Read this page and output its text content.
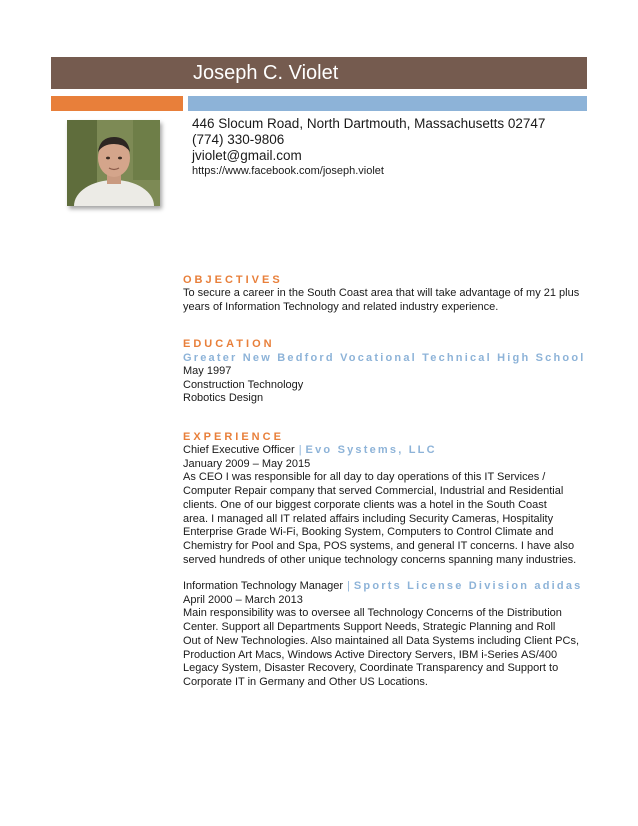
Joseph C. Violet
446 Slocum Road, North Dartmouth, Massachusetts 02747
(774) 330-9806
jviolet@gmail.com
https://www.facebook.com/joseph.violet
OBJECTIVES
To secure a career in the South Coast area that will take advantage of my 21 plus
years of Information Technology and related industry experience.
EDUCATION
Greater New Bedford Vocational Technical High School
May 1997
Construction Technology
Robotics Design
EXPERIENCE
Chief Executive Officer | Evo Systems, LLC
January 2009 – May 2015
As CEO I was responsible for all day to day operations of this IT Services /
Computer Repair company that served Commercial, Industrial and Residential
clients. One of our biggest corporate clients was a hotel in the South Coast
area. I managed all IT related affairs including Security Cameras, Hospitality
Enterprise Grade Wi-Fi, Booking System, Computers to Control Climate and
Chemistry for Pool and Spa, POS systems, and general IT concerns. I have also
served hundreds of other unique technology concerns spanning many industries.
Information Technology Manager | Sports License Division adidas
April 2000 – March 2013
Main responsibility was to oversee all Technology Concerns of the Distribution
Center. Support all Departments Support Needs, Strategic Planning and Roll
Out of New Technologies. Also maintained all Data Systems including Client PCs,
Production Art Macs, Windows Active Directory Servers, IBM i-Series AS/400
Legacy System, Disaster Recovery, Coordinate Transparency and Support to
Corporate IT in Germany and Other US Locations.
